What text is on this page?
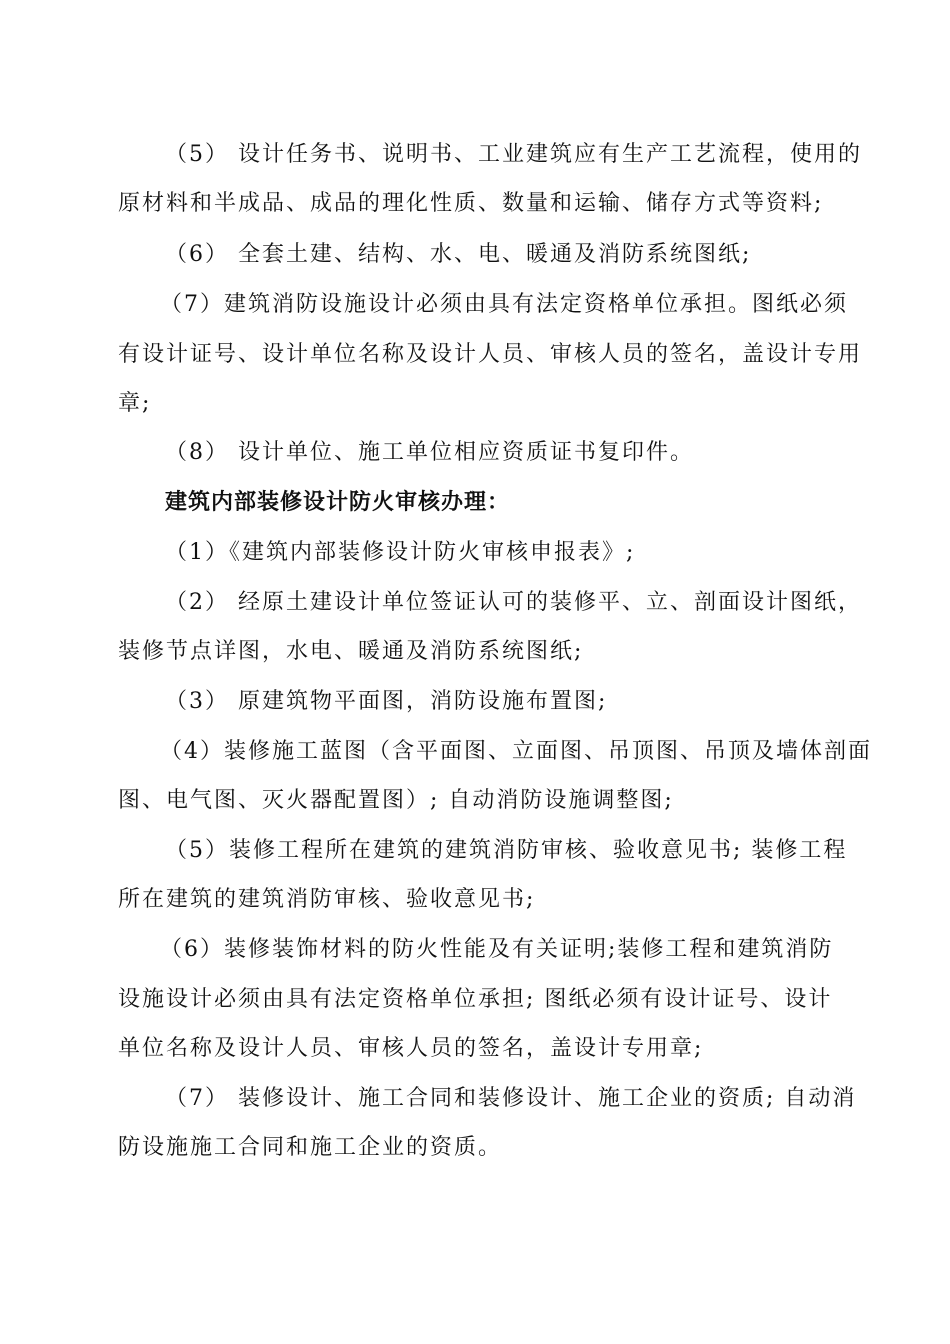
（5） 设计任务书、说明书、工业建筑应有生产工艺流程，使用的
原材料和半成品、成品的理化性质、数量和运输、储存方式等资料;
（6） 全套土建、结构、水、电、暖通及消防系统图纸;
（7）建筑消防设施设计必须由具有法定资格单位承担。图纸必须
有设计证号、设计单位名称及设计人员、审核人员的签名，盖设计专用
章;
（8） 设计单位、施工单位相应资质证书复印件。
建筑内部装修设计防火审核办理：
（1）《建筑内部装修设计防火审核申报表》;
（2） 经原土建设计单位签证认可的装修平、立、剖面设计图纸，
装修节点详图，水电、暖通及消防系统图纸;
（3） 原建筑物平面图，消防设施布置图;
（4）装修施工蓝图（含平面图、立面图、吊顶图、吊顶及墙体剖面
图、电气图、灭火器配置图）; 自动消防设施调整图;
（5）装修工程所在建筑的建筑消防审核、验收意见书; 装修工程
所在建筑的建筑消防审核、验收意见书;
（6）装修装饰材料的防火性能及有关证明;装修工程和建筑消防
设施设计必须由具有法定资格单位承担; 图纸必须有设计证号、设计
单位名称及设计人员、审核人员的签名，盖设计专用章;
（7） 装修设计、施工合同和装修设计、施工企业的资质; 自动消
防设施施工合同和施工企业的资质。
